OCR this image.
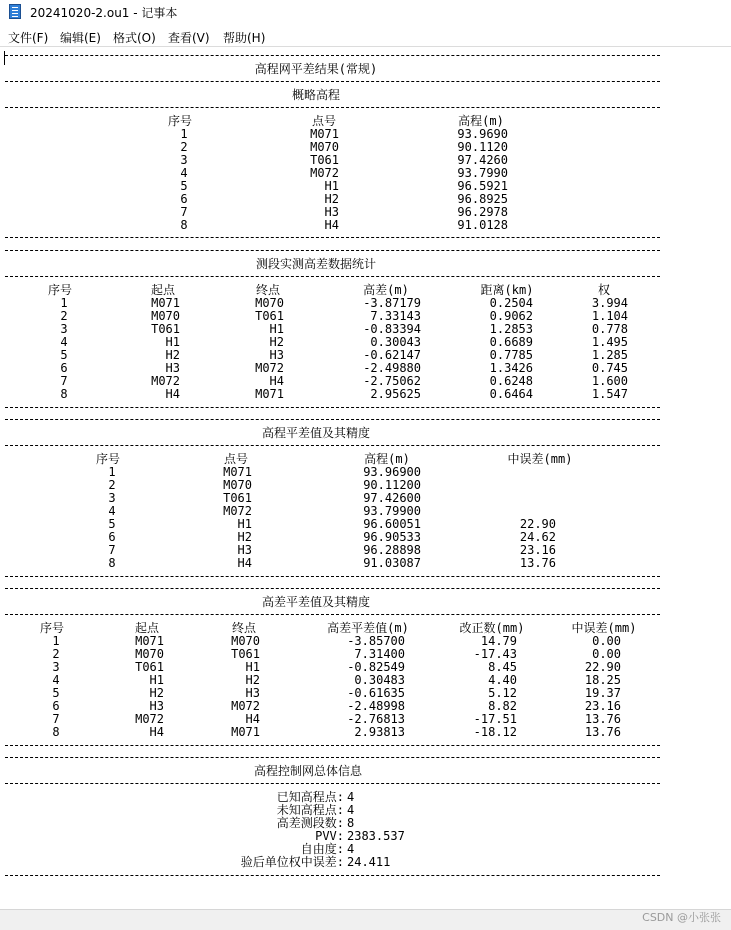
20241020-2.ou1 - 记事本
文件(F) 编辑(E) 格式(O) 查看(V) 帮助(H)
CSDN @小张张
高程网平差结果(常规)
概略高程
序号	点号	高程(m)
1	M071	93.9690
2	M070	90.1120
3	T061	97.4260
4	M072	93.7990
5	H1	96.5921
6	H2	96.8925
7	H3	96.2978
8	H4	91.0128
测段实测高差数据统计
序号	起点	终点	高差(m)	距离(km)	权
1	M071	M070	-3.87179	0.2504	3.994
2	M070	T061	7.33143	0.9062	1.104
3	T061	H1	-0.83394	1.2853	0.778
4	H1	H2	0.30043	0.6689	1.495
5	H2	H3	-0.62147	0.7785	1.285
6	H3	M072	-2.49880	1.3426	0.745
7	M072	H4	-2.75062	0.6248	1.600
8	H4	M071	2.95625	0.6464	1.547
高程平差值及其精度
序号	点号	高程(m)	中误差(mm)
1	M071	93.96900
2	M070	90.11200
3	T061	97.42600
4	M072	93.79900
5	H1	96.60051	22.90
6	H2	96.90533	24.62
7	H3	96.28898	23.16
8	H4	91.03087	13.76
高差平差值及其精度
序号	起点	终点	高差平差值(m)	改正数(mm)	中误差(mm)
1	M071	M070	-3.85700	14.79	0.00
2	M070	T061	7.31400	-17.43	0.00
3	T061	H1	-0.82549	8.45	22.90
4	H1	H2	0.30483	4.40	18.25
5	H2	H3	-0.61635	5.12	19.37
6	H3	M072	-2.48998	8.82	23.16
7	M072	H4	-2.76813	-17.51	13.76
8	H4	M071	2.93813	-18.12	13.76
高程控制网总体信息
已知高程点: 4
未知高程点: 4
高差测段数: 8
PVV: 2383.537
自由度: 4
验后单位权中误差: 24.411
